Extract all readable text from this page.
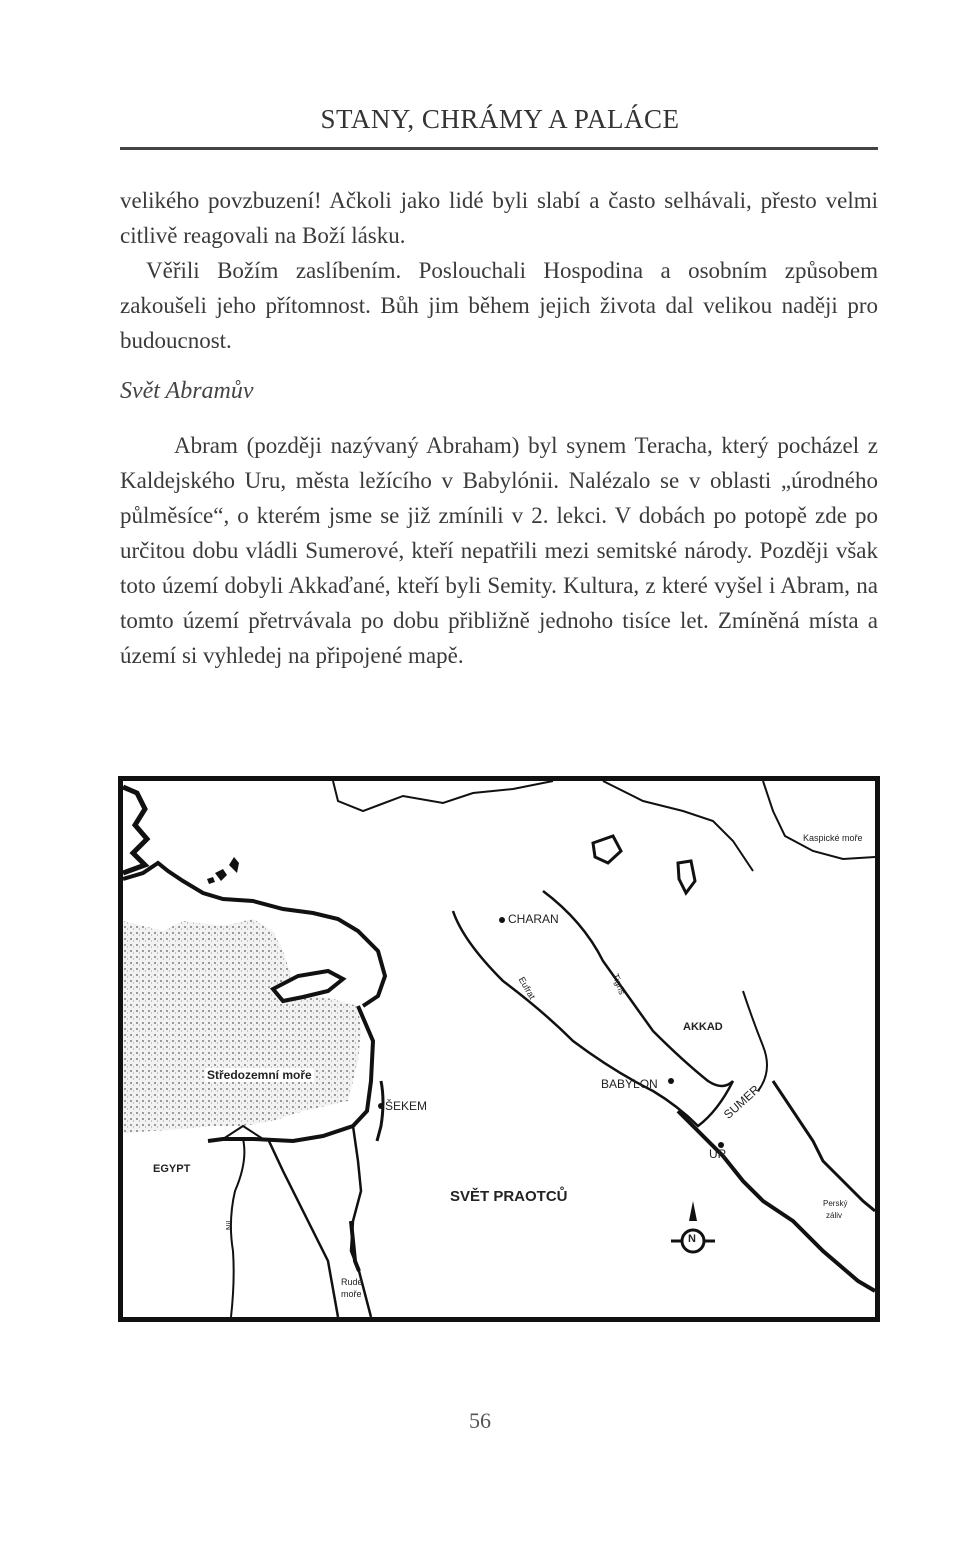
STANY, CHRÁMY A PALÁCE

velikého povzbuzení! Ačkoli jako lidé byli slabí a často selhávali, přesto velmi citlivě reagovali na Boží lásku.

Věřili Božím zaslíbením. Poslouchali Hospodina a osobním způsobem zakoušeli jeho přítomnost. Bůh jim během jejich života dal velikou naději pro budoucnost.

Svět Abramův

Abram (později nazývaný Abraham) byl synem Teracha, který pocházel z Kaldejského Uru, města ležícího v Babylónii. Nalézalo se v oblasti „úrodného půlměsíce“, o kterém jsme se již zmínili v 2. lekci. V dobách po potopě zde po určitou dobu vládli Sumerové, kteří nepatřili mezi semitské národy. Později však toto území dobyli Akkaďané, kteří byli Semity. Kultura, z které vyšel i Abram, na tomto území přetrvávala po dobu přibližně jednoho tisíce let. Zmíněná místa a území si vyhledej na připojené mapě.

CHARAN
Eufrat	Tigris
AKKAD
BABYLON	SUMER
UR
ŠEKEM
EGYPT
Středozemní moře
Kaspické moře
Perský
záliv
Nil
Rudé
moře
SVĚT PRAOTCŮ
N
56
